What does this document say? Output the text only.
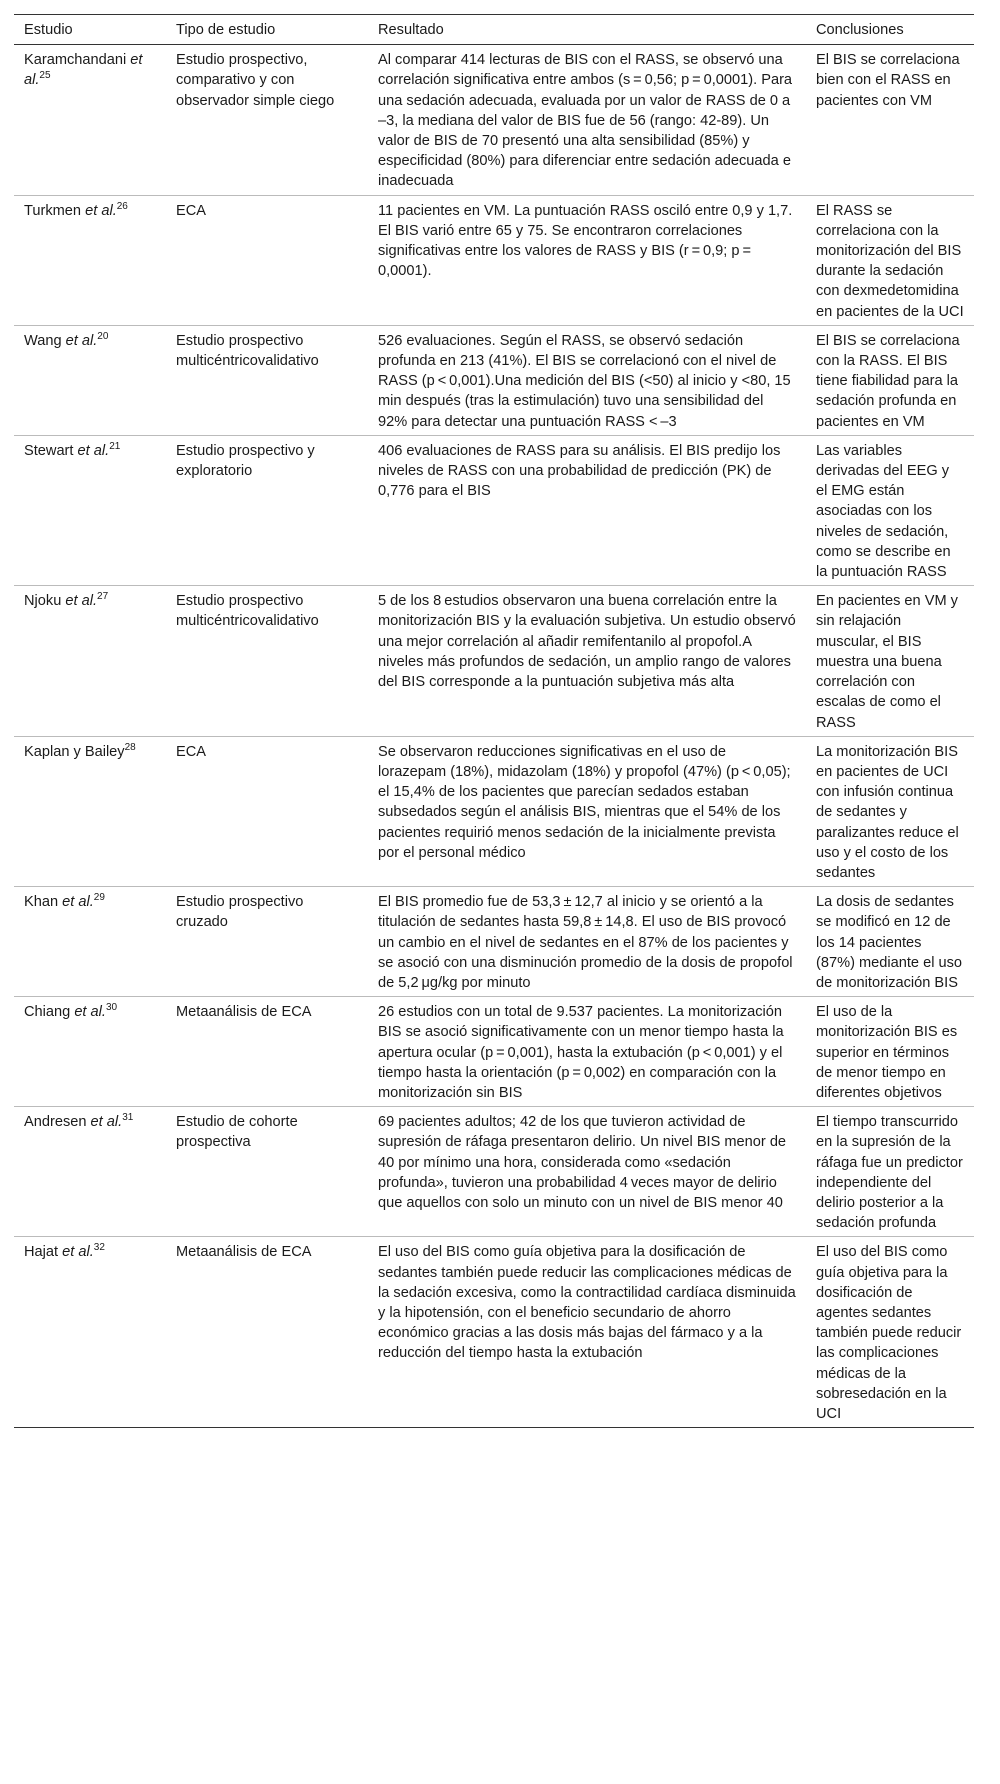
Estudio	Tipo de estudio	Resultado	Conclusiones
Karamchandani et al.$^{25}$	Estudio prospectivo, comparativo y con observador simple ciego	Al comparar 414 lecturas de BIS con el RASS, se observó una correlación significativa entre ambos (s = 0,56; p = 0,0001). Para una sedación adecuada, evaluada por un valor de RASS de 0 a –3, la mediana del valor de BIS fue de 56 (rango: 42-89). Un valor de BIS de 70 presentó una alta sensibilidad (85%) y especificidad (80%) para diferenciar entre sedación adecuada e inadecuada	El BIS se correlaciona bien con el RASS en pacientes con VM
Turkmen et al.$^{26}$	ECA	11 pacientes en VM. La puntuación RASS osciló entre 0,9 y 1,7. El BIS varió entre 65 y 75. Se encontraron correlaciones significativas entre los valores de RASS y BIS (r = 0,9; p = 0,0001).	El RASS se correlaciona con la monitorización del BIS durante la sedación con dexmedetomidina en pacientes de la UCI
Wang et al.$^{20}$	Estudio prospectivo multicéntricovalidativo	526 evaluaciones. Según el RASS, se observó sedación profunda en 213 (41%). El BIS se correlacionó con el nivel de RASS (p < 0,001).Una medición del BIS (<50) al inicio y <80, 15 min después (tras la estimulación) tuvo una sensibilidad del 92% para detectar una puntuación RASS < –3	El BIS se correlaciona con la RASS. El BIS tiene fiabilidad para la sedación profunda en pacientes en VM
Stewart et al.$^{21}$	Estudio prospectivo y exploratorio	406 evaluaciones de RASS para su análisis. El BIS predijo los niveles de RASS con una probabilidad de predicción (PK) de 0,776 para el BIS	Las variables derivadas del EEG y el EMG están asociadas con los niveles de sedación, como se describe en la puntuación RASS
Njoku et al.$^{27}$	Estudio prospectivo multicéntricovalidativo	5 de los 8 estudios observaron una buena correlación entre la monitorización BIS y la evaluación subjetiva. Un estudio observó una mejor correlación al añadir remifentanilo al propofol.A niveles más profundos de sedación, un amplio rango de valores del BIS corresponde a la puntuación subjetiva más alta	En pacientes en VM y sin relajación muscular, el BIS muestra una buena correlación con escalas de como el RASS
Kaplan y Bailey$^{28}$	ECA	Se observaron reducciones significativas en el uso de lorazepam (18%), midazolam (18%) y propofol (47%) (p < 0,05); el 15,4% de los pacientes que parecían sedados estaban subsedados según el análisis BIS, mientras que el 54% de los pacientes requirió menos sedación de la inicialmente prevista por el personal médico	La monitorización BIS en pacientes de UCI con infusión continua de sedantes y paralizantes reduce el uso y el costo de los sedantes
Khan et al.$^{29}$	Estudio prospectivo cruzado	El BIS promedio fue de 53,3 ± 12,7 al inicio y se orientó a la titulación de sedantes hasta 59,8 ± 14,8. El uso de BIS provocó un cambio en el nivel de sedantes en el 87% de los pacientes y se asoció con una disminución promedio de la dosis de propofol de 5,2 μg/kg por minuto	La dosis de sedantes se modificó en 12 de los 14 pacientes (87%) mediante el uso de monitorización BIS
Chiang et al.$^{30}$	Metaanálisis de ECA	26 estudios con un total de 9.537 pacientes. La monitorización BIS se asoció significativamente con un menor tiempo hasta la apertura ocular (p = 0,001), hasta la extubación (p < 0,001) y el tiempo hasta la orientación (p = 0,002) en comparación con la monitorización sin BIS	El uso de la monitorización BIS es superior en términos de menor tiempo en diferentes objetivos
Andresen et al.$^{31}$	Estudio de cohorte prospectiva	69 pacientes adultos; 42 de los que tuvieron actividad de supresión de ráfaga presentaron delirio. Un nivel BIS menor de 40 por mínimo una hora, considerada como «sedación profunda», tuvieron una probabilidad 4 veces mayor de delirio que aquellos con solo un minuto con un nivel de BIS menor 40	El tiempo transcurrido en la supresión de la ráfaga fue un predictor independiente del delirio posterior a la sedación profunda
Hajat et al.$^{32}$	Metaanálisis de ECA	El uso del BIS como guía objetiva para la dosificación de sedantes también puede reducir las complicaciones médicas de la sedación excesiva, como la contractilidad cardíaca disminuida y la hipotensión, con el beneficio secundario de ahorro económico gracias a las dosis más bajas del fármaco y a la reducción del tiempo hasta la extubación	El uso del BIS como guía objetiva para la dosificación de agentes sedantes también puede reducir las complicaciones médicas de la sobresedación en la UCI
